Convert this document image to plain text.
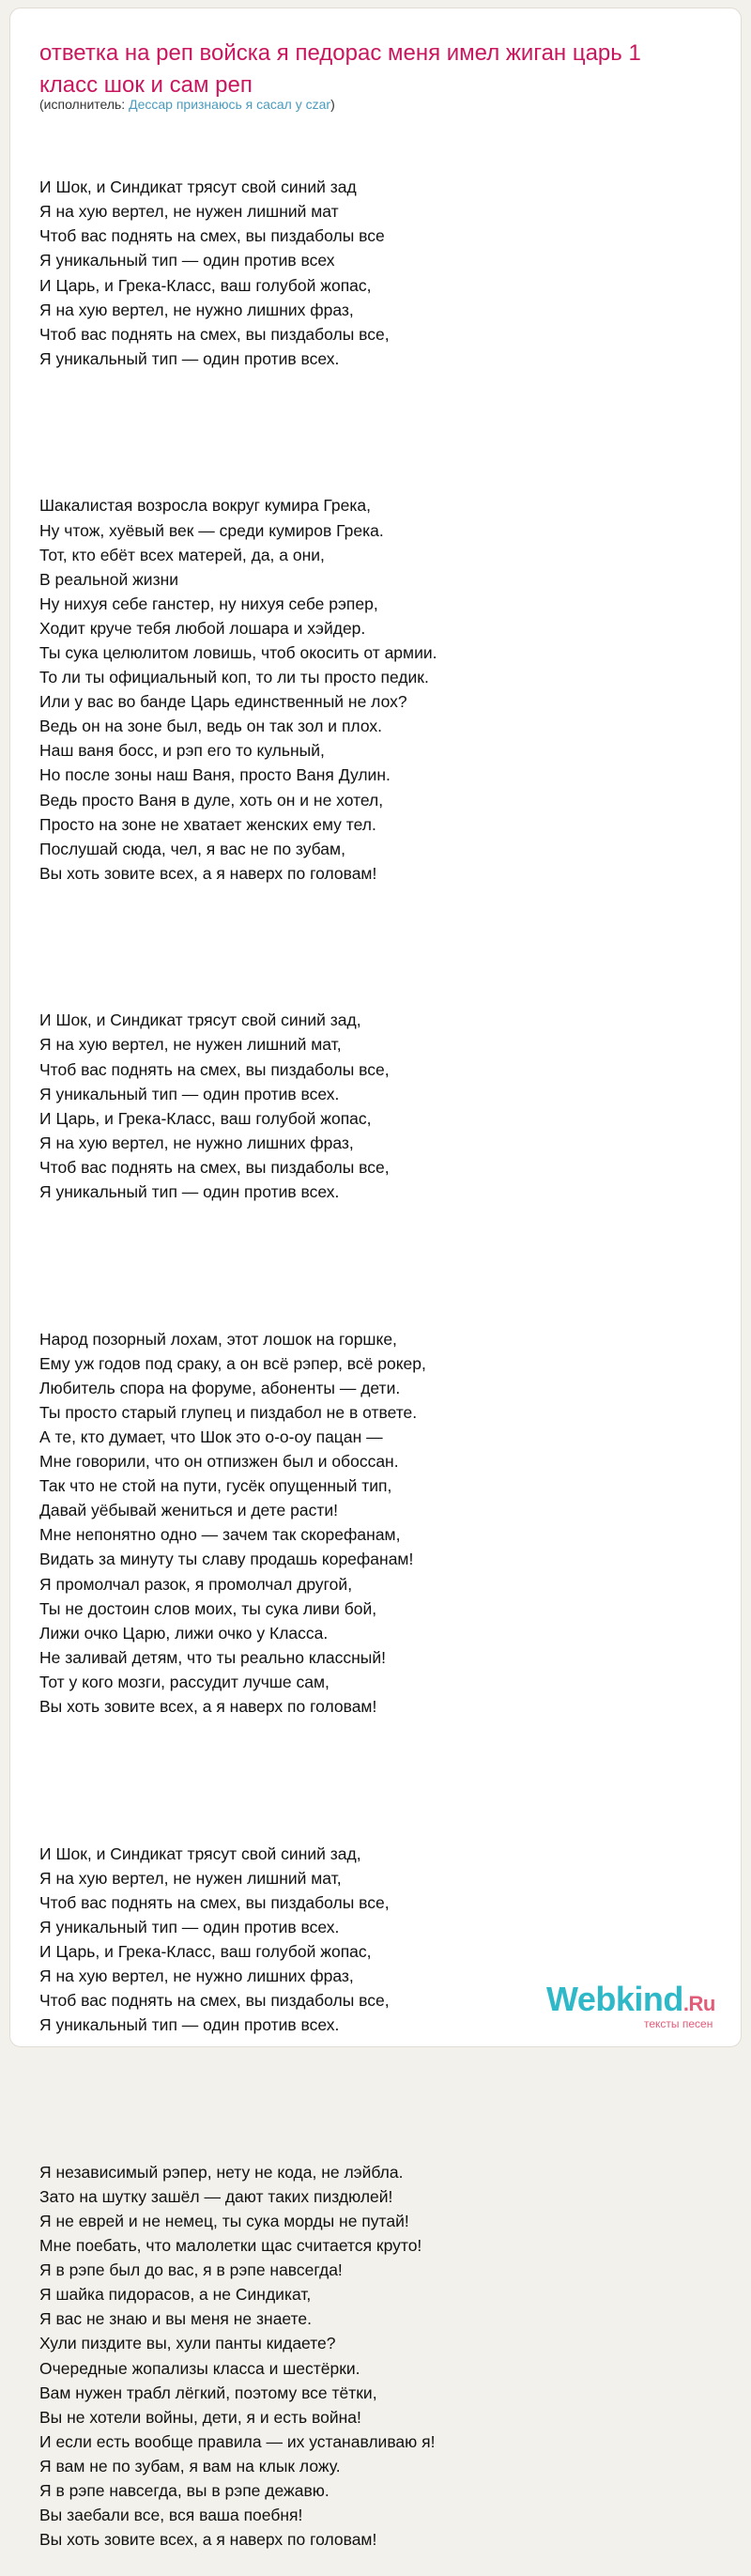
ответка на реп войска я педорас меня имел жиган царь 1 класс шок и сам реп
(исполнитель: Дессар признаюсь я сасал у czar)

И Шок, и Синдикат трясут свой синий зад
Я на хую вертел, не нужен лишний мат
Чтоб вас поднять на смех, вы пиздаболы все
Я уникальный тип — один против всех
И Царь, и Грека-Класс, ваш голубой жопас,
Я на хую вертел, не нужно лишних фраз,
Чтоб вас поднять на смех, вы пиздаболы все,
Я уникальный тип — один против всех.

Шакалистая возросла вокруг кумира Грека,
Ну чтож, хуёвый век — среди кумиров Грека.
Тот, кто ебёт всех матерей, да, а они,
В реальной жизни
Ну нихуя себе ганстер, ну нихуя себе рэпер,
Ходит круче тебя любой лошара и хэйдер.
Ты сука целюлитом ловишь, чтоб окосить от армии.
То ли ты официальный коп, то ли ты просто педик.
Или у вас во банде Царь единственный не лох?
Ведь он на зоне был, ведь он так зол и плох.
Наш ваня босс, и рэп его то кульный,
Но после зоны наш Ваня, просто Ваня Дулин.
Ведь просто Ваня в дуле, хоть он и не хотел,
Просто на зоне не хватает женских ему тел.
Послушай сюда, чел, я вас не по зубам,
Вы хоть зовите всех, а я наверх по головам!

И Шок, и Синдикат трясут свой синий зад,
Я на хую вертел, не нужен лишний мат,
Чтоб вас поднять на смех, вы пиздаболы все,
Я уникальный тип — один против всех.
И Царь, и Грека-Класс, ваш голубой жопас,
Я на хую вертел, не нужно лишних фраз,
Чтоб вас поднять на смех, вы пиздаболы все,
Я уникальный тип — один против всех.

Народ позорный лохам, этот лошок на горшке,
Ему уж годов под сраку, а он всё рэпер, всё рокер,
Любитель спора на форуме, абоненты — дети.
Ты просто старый глупец и пиздабол не в ответе.
А те, кто думает, что Шок это о-о-оу пацан —
Мне говорили, что он отпизжен был и обоссан.
Так что не стой на пути, гусёк опущенный тип,
Давай уёбывай жениться и дете расти!
Мне непонятно одно — зачем так скорефанам,
Видать за минуту ты славу продашь корефанам!
Я промолчал разок, я промолчал другой,
Ты не достоин слов моих, ты сука ливи бой,
Лижи очко Царю, лижи очко у Класса.
Не заливай детям, что ты реально классный!
Тот у кого мозги, рассудит лучше сам,
Вы хоть зовите всех, а я наверх по головам!

И Шок, и Синдикат трясут свой синий зад,
Я на хую вертел, не нужен лишний мат,
Чтоб вас поднять на смех, вы пиздаболы все,
Я уникальный тип — один против всех.
И Царь, и Грека-Класс, ваш голубой жопас,
Я на хую вертел, не нужно лишних фраз,
Чтоб вас поднять на смех, вы пиздаболы все,
Я уникальный тип — один против всех.

Я независимый рэпер, нету не кода, не лэйбла.
Зато на шутку зашёл — дают таких пиздюлей!
Я не еврей и не немец, ты сука морды не путай!
Мне поебать, что малолетки щас считается круто!
Я в рэпе был до вас, я в рэпе навсегда!
Я шайка пидорасов, а не Синдикат,
Я вас не знаю и вы меня не знаете.
Хули пиздите вы, хули панты кидаете?
Очередные жопализы класса и шестёрки.
Вам нужен трабл лёгкий, поэтому все тётки,
Вы не хотели войны, дети, я и есть война!
И если есть вообще правила — их устанавливаю я!
Я вам не по зубам, я вам на клык ложу.
Я в рэпе навсегда, вы в рэпе дежавю.
Вы заебали все, вся ваша поебня!
Вы хоть зовите всех, а я наверх по головам!

Webkind.Ru
тексты песен
